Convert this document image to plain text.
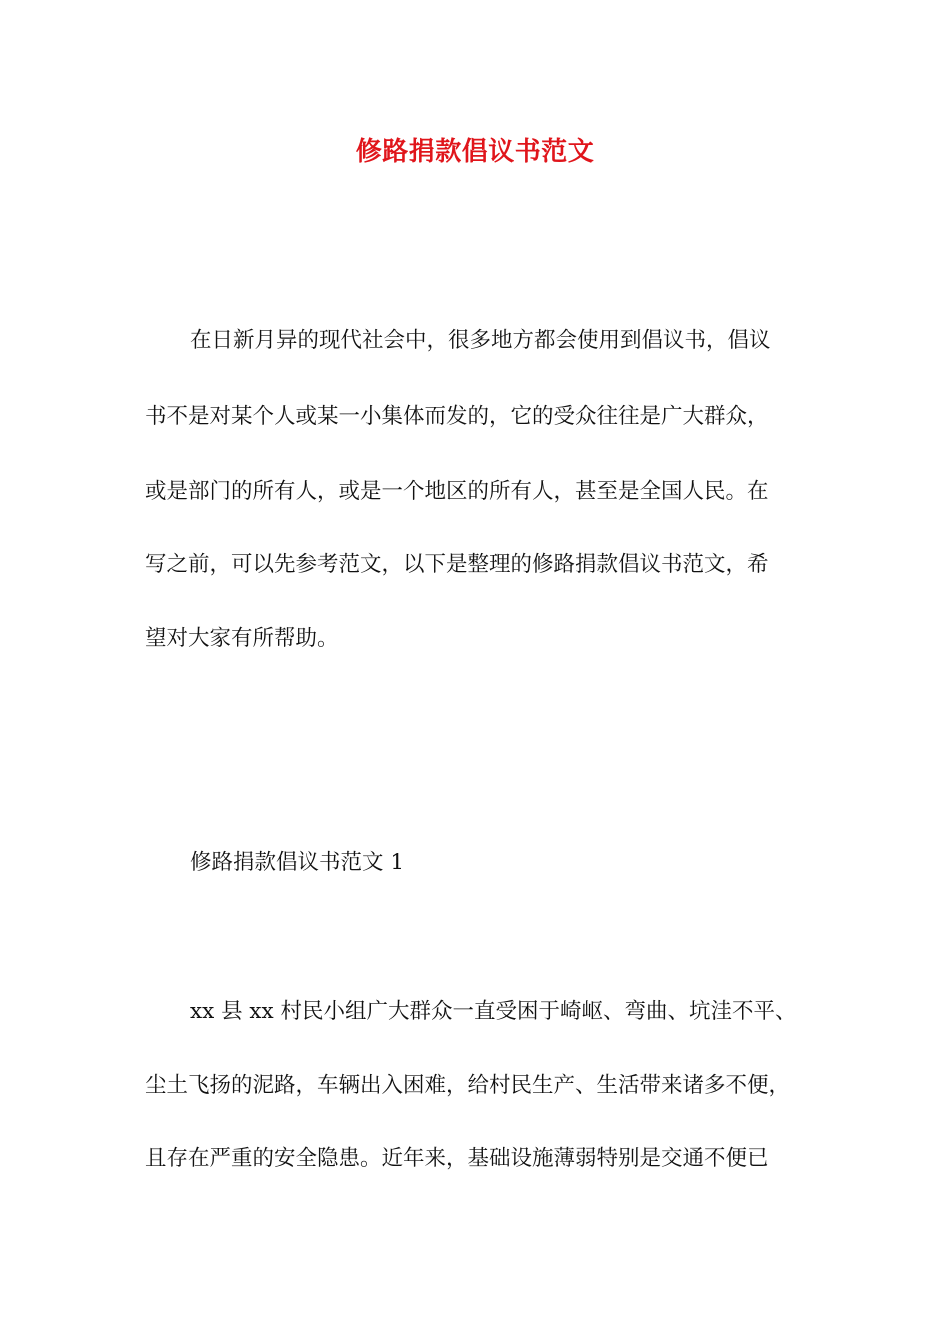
修路捐款倡议书范文

在日新月异的现代社会中，很多地方都会使用到倡议书，倡议

书不是对某个人或某一小集体而发的，它的受众往往是广大群众，

或是部门的所有人，或是一个地区的所有人，甚至是全国人民。在

写之前，可以先参考范文，以下是整理的修路捐款倡议书范文，希

望对大家有所帮助。

修路捐款倡议书范文 1

xx 县 xx 村民小组广大群众一直受困于崎岖、弯曲、坑洼不平、

尘土飞扬的泥路，车辆出入困难，给村民生产、生活带来诸多不便，

且存在严重的安全隐患。近年来，基础设施薄弱特别是交通不便已
